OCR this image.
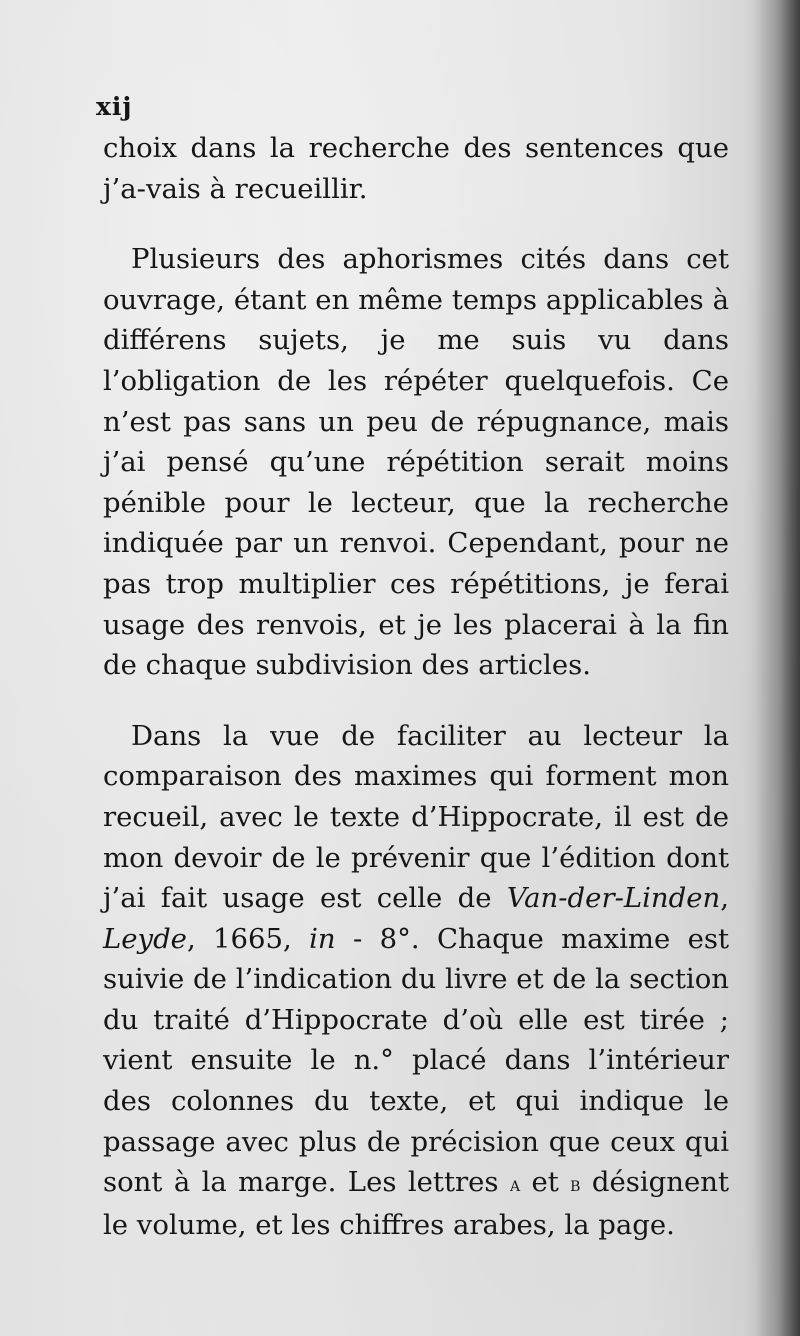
xij

choix dans la recherche des sentences que j’a-vais à recueillir.

Plusieurs des aphorismes cités dans cet ouvrage, étant en même temps applicables à différens sujets, je me suis vu dans l’obligation de les répéter quelquefois. Ce n’est pas sans un peu de répugnance, mais j’ai pensé qu’une répétition serait moins pénible pour le lecteur, que la recherche indiquée par un renvoi. Cependant, pour ne pas trop multiplier ces répétitions, je ferai usage des renvois, et je les placerai à la fin de chaque subdivision des articles.

Dans la vue de faciliter au lecteur la comparaison des maximes qui forment mon recueil, avec le texte d’Hippocrate, il est de mon devoir de le prévenir que l’édition dont j’ai fait usage est celle de Van-der-Linden, Leyde, 1665, in - 8°. Chaque maxime est suivie de l’indication du livre et de la section du traité d’Hippocrate d’où elle est tirée ; vient ensuite le n.° placé dans l’intérieur des colonnes du texte, et qui indique le passage avec plus de précision que ceux qui sont à la marge. Les lettres a et b désignent le volume, et les chiffres arabes, la page.
